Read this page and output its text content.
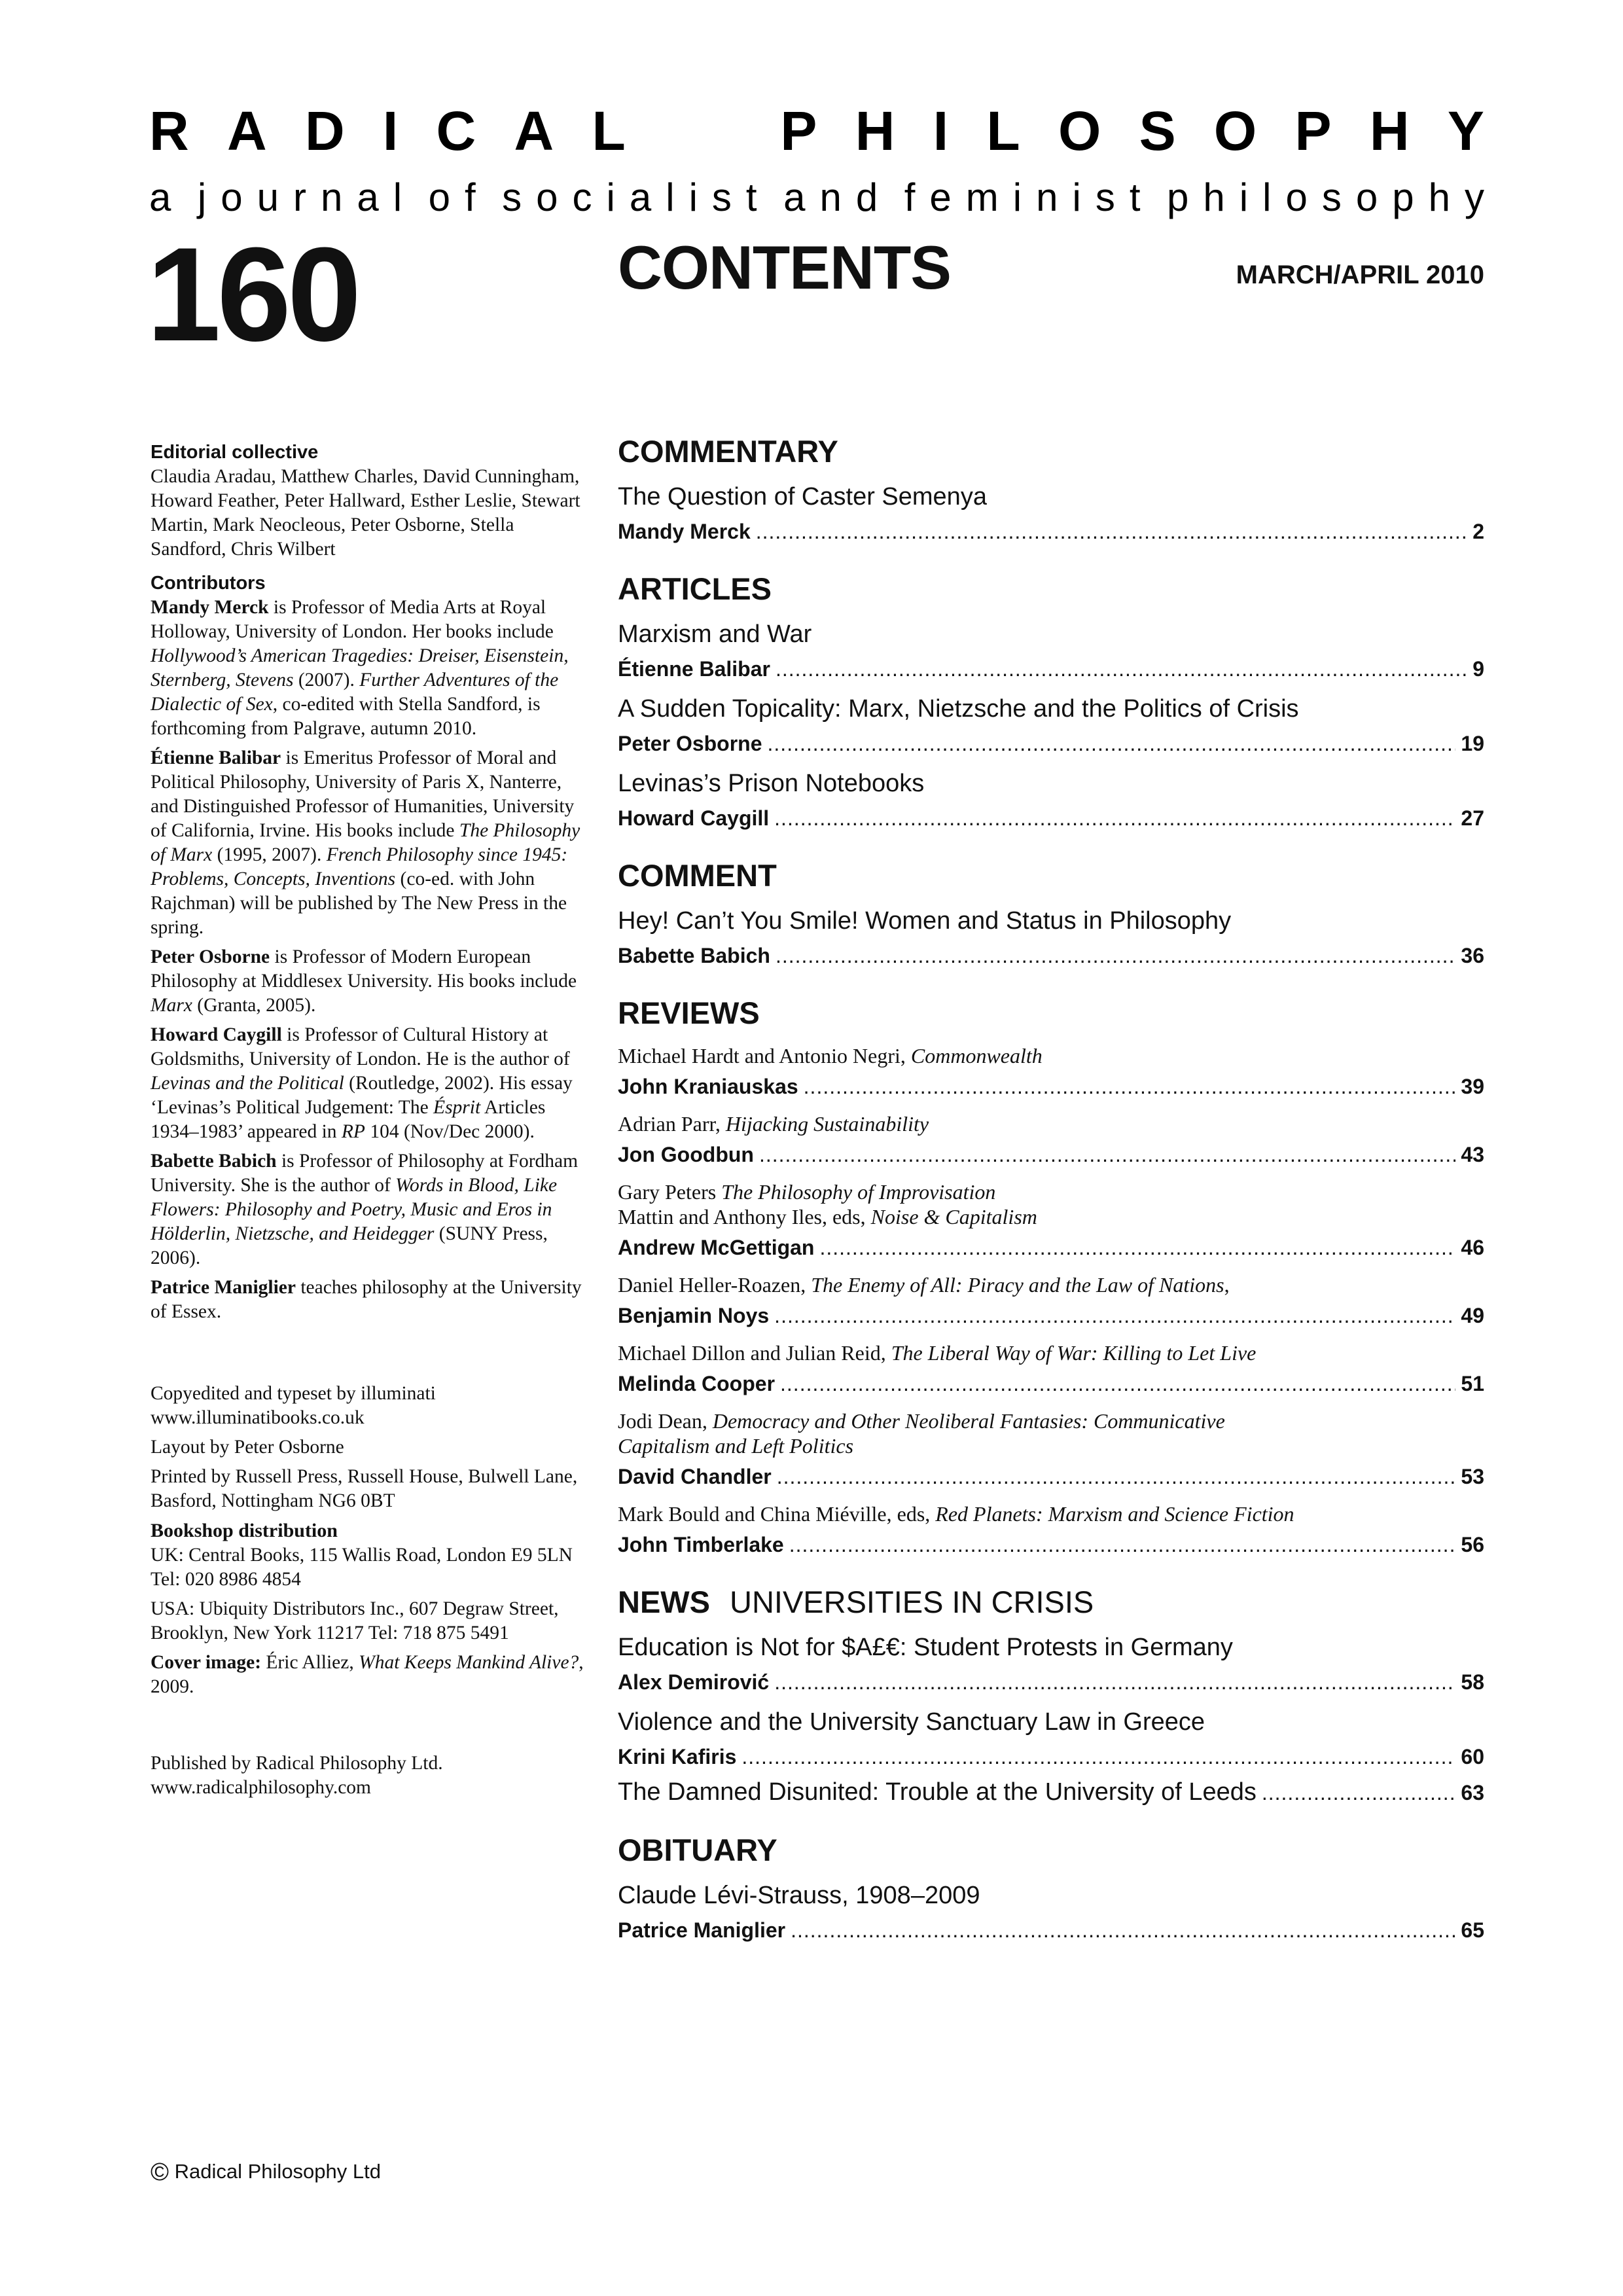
R A D I C A L	P H I L O S O P H Y
a j o u r n a l o f s o c i a l i s t a n d f e m i n i s t p h i l o s o p h y
160	CONTENTS	MARCH/APRIL 2010
Editorial collective

Claudia Aradau, Matthew Charles, David Cunningham, Howard Feather, Peter Hallward, Esther Leslie, Stewart Martin, Mark Neocleous, Peter Osborne, Stella Sandford, Chris Wilbert

Contributors

Mandy Merck is Professor of Media Arts at Royal Holloway, University of London. Her books include Hollywood’s American Tragedies: Dreiser, Eisenstein, Sternberg, Stevens (2007). Further Adventures of the Dialectic of Sex, co-edited with Stella Sandford, is forthcoming from Palgrave, autumn 2010.

Étienne Balibar is Emeritus Professor of Moral and Political Philosophy, University of Paris X, Nanterre, and Distinguished Professor of Humanities, University of California, Irvine. His books include The Philosophy of Marx (1995, 2007). French Philosophy since 1945: Problems, Concepts, Inventions (co-ed. with John Rajchman) will be published by The New Press in the spring.

Peter Osborne is Professor of Modern European Philosophy at Middlesex University. His books include Marx (Granta, 2005).

Howard Caygill is Professor of Cultural History at Goldsmiths, University of London. He is the author of Levinas and the Political (Routledge, 2002). His essay ‘Levinas’s Political Judgement: The Ésprit Articles 1934–1983’ appeared in RP 104 (Nov/Dec 2000).

Babette Babich is Professor of Philosophy at Fordham University. She is the author of Words in Blood, Like Flowers: Philosophy and Poetry, Music and Eros in Hölderlin, Nietzsche, and Heidegger (SUNY Press, 2006).

Patrice Maniglier teaches philosophy at the University of Essex.

Copyedited and typeset by illuminati www.illuminatibooks.co.uk

Layout by Peter Osborne

Printed by Russell Press, Russell House, Bulwell Lane, Basford, Nottingham NG6 0BT

Bookshop distribution

UK: Central Books, 115 Wallis Road, London E9 5LN Tel: 020 8986 4854

USA: Ubiquity Distributors Inc., 607 Degraw Street, Brooklyn, New York 11217 Tel: 718 875 5491

Cover image: Éric Alliez, What Keeps Mankind Alive?, 2009.

Published by Radical Philosophy Ltd. www.radicalphilosophy.com

© Radical Philosophy Ltd
COMMENTARY
The Question of Caster Semenya
Mandy Merck .....	2
ARTICLES
Marxism and War
Étienne Balibar .....	9
A Sudden Topicality: Marx, Nietzsche and the Politics of Crisis
Peter Osborne .....	19
Levinas’s Prison Notebooks
Howard Caygill .....	27
COMMENT
Hey! Can’t You Smile! Women and Status in Philosophy
Babette Babich .....	36
REVIEWS
Michael Hardt and Antonio Negri, Commonwealth
John Kraniauskas .....	39
Adrian Parr, Hijacking Sustainability
Jon Goodbun .....	43
Gary Peters The Philosophy of Improvisation
Mattin and Anthony Iles, eds, Noise & Capitalism
Andrew McGettigan .....	46
Daniel Heller-Roazen, The Enemy of All: Piracy and the Law of Nations,
Benjamin Noys .....	49
Michael Dillon and Julian Reid, The Liberal Way of War: Killing to Let Live
Melinda Cooper .....	51
Jodi Dean, Democracy and Other Neoliberal Fantasies: Communicative
Capitalism and Left Politics
David Chandler .....	53
Mark Bould and China Miéville, eds, Red Planets: Marxism and Science Fiction
John Timberlake .....	56
NEWS UNIVERSITIES IN CRISIS
Education is Not for $A£€: Student Protests in Germany
Alex Demirović .....	58
Violence and the University Sanctuary Law in Greece
Krini Kafiris .....	60
The Damned Disunited: Trouble at the University of Leeds .....	63
OBITUARY
Claude Lévi-Strauss, 1908–2009
Patrice Maniglier .....	65
